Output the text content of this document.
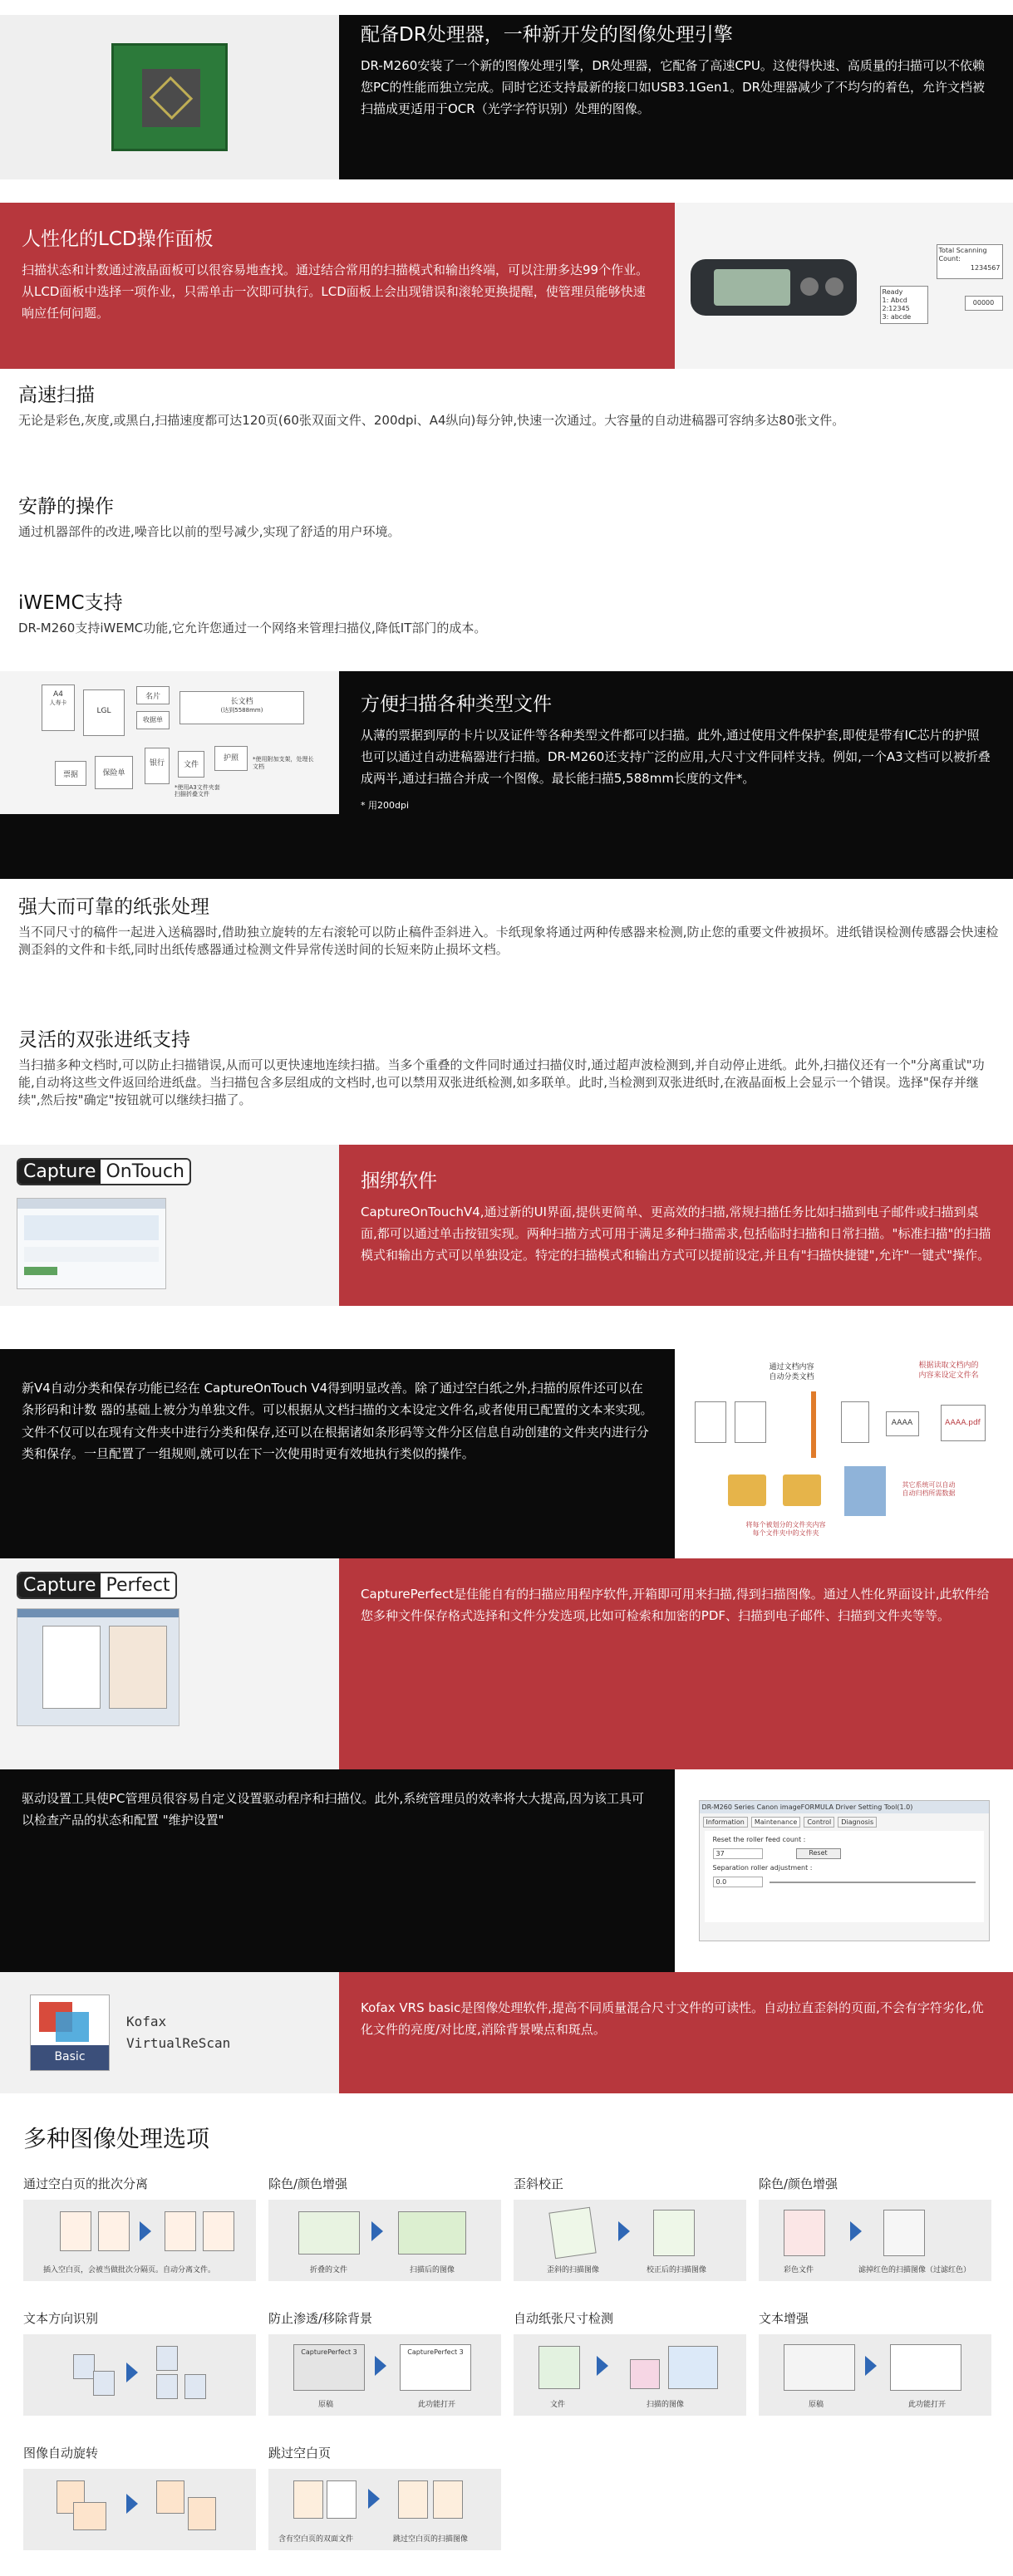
配备DR处理器，一种新开发的图像处理引擎

DR-M260安装了一个新的图像处理引擎，DR处理器，它配备了高速CPU。这使得快速、高质量的扫描可以不依赖您PC的性能而独立完成。同时它还支持最新的接口如USB3.1Gen1。DR处理器减少了不均匀的着色，允许文档被扫描成更适用于OCR（光学字符识别）处理的图像。

人性化的LCD操作面板

扫描状态和计数通过液晶面板可以很容易地查找。通过结合常用的扫描模式和输出终端，可以注册多达99个作业。从LCD面板中选择一项作业，只需单击一次即可执行。LCD面板上会出现错误和滚轮更换提醒，使管理员能够快速响应任何问题。

Ready
1: Abcd
2:12345
3: abcde
Total Scanning
Count:
1234567
00000
高速扫描

无论是彩色,灰度,或黑白,扫描速度都可达120页(60张双面文件、200dpi、A4纵向)每分钟,快速一次通过。大容量的自动进稿器可容纳多达80张文件。

安静的操作

通过机器部件的改进,噪音比以前的型号减少,实现了舒适的用户环境。

iWEMC支持

DR-M260支持iWEMC功能,它允许您通过一个网络来管理扫描仪,降低IT部门的成本。

A4
人寿卡
LGL
名片
收据单
长文档
(达到5588mm)
票据	保险单
银行	文件
护照	*使用附加支架，处理长文档
*使用A3文件夹套
扫描折叠文件
方便扫描各种类型文件

从薄的票据到厚的卡片以及证件等各种类型文件都可以扫描。此外,通过使用文件保护套,即使是带有IC芯片的护照也可以通过自动进稿器进行扫描。DR-M260还支持广泛的应用,大尺寸文件同样支持。例如,一个A3文档可以被折叠成两半,通过扫描合并成一个图像。最长能扫描5,588mm长度的文件*。

* 用200dpi
强大而可靠的纸张处理

当不同尺寸的稿件一起进入送稿器时,借助独立旋转的左右滚轮可以防止稿件歪斜进入。卡纸现象将通过两种传感器来检测,防止您的重要文件被损坏。进纸错误检测传感器会快速检测歪斜的文件和卡纸,同时出纸传感器通过检测文件异常传送时间的长短来防止损坏文档。

灵活的双张进纸支持

当扫描多种文档时,可以防止扫描错误,从而可以更快速地连续扫描。当多个重叠的文件同时通过扫描仪时,通过超声波检测到,并自动停止进纸。此外,扫描仪还有一个"分离重试"功能,自动将这些文件返回给进纸盘。当扫描包含多层组成的文档时,也可以禁用双张进纸检测,如多联单。此时,当检测到双张进纸时,在液晶面板上会显示一个错误。选择"保存并继续",然后按"确定"按钮就可以继续扫描了。

Capture OnTouch	捆绑软件

CaptureOnTouchV4,通过新的UI界面,提供更简单、更高效的扫描,常规扫描任务比如扫描到电子邮件或扫描到桌面,都可以通过单击按钮实现。两种扫描方式可用于满足多种扫描需求,包括临时扫描和日常扫描。"标准扫描"的扫描模式和输出方式可以单独设定。特定的扫描模式和输出方式可以提前设定,并且有"扫描快捷键",允许"一键式"操作。

新V4自动分类和保存功能已经在 CaptureOnTouch V4得到明显改善。除了通过空白纸之外,扫描的原件还可以在条形码和计数 器的基础上被分为单独文件。可以根据从文档扫描的文本设定文件名,或者使用已配置的文本来实现。文件不仅可以在现有文件夹中进行分类和保存,还可以在根据诸如条形码等文件分区信息自动创建的文件夹内进行分类和保存。一旦配置了一组规则,就可以在下一次使用时更有效地执行类似的操作。

通过文档内容
自动分类文档
根据读取文档内的
内容来设定文件名
AAAA	AAAA.pdf
将每个被划分的文件夹内容
每个文件夹中的文件夹
其它系统可以自动
自动归档所需数据
Capture Perfect	CapturePerfect是佳能自有的扫描应用程序软件,开箱即可用来扫描,得到扫描图像。通过人性化界面设计,此软件给您多种文件保存格式选择和文件分发选项,比如可检索和加密的PDF、扫描到电子邮件、扫描到文件夹等等。

驱动设置工具使PC管理员很容易自定义设置驱动程序和扫描仪。此外,系统管理员的效率将大大提高,因为该工具可以检查产品的状态和配置 "维护设置"

DR-M260 Series Canon imageFORMULA Driver Setting Tool(1.0)
Information	Maintenance	Control	Diagnosis
Reset the roller feed count :
37	Reset
Separation roller adjustment :
0.0
Basic
Kofax
VirtualReScan

Kofax VRS basic是图像处理软件,提高不同质量混合尺寸文件的可读性。自动拉直歪斜的页面,不会有字符劣化,优化文件的亮度/对比度,消除背景噪点和斑点。

多种图像处理选项
通过空白页的批次分离
插入空白页，会被当做批次分隔页。自动分离文件。
除色/颜色增强
折叠的文件	扫描后的图像
歪斜校正
歪斜的扫描图像	校正后的扫描图像
除色/颜色增强
彩色文件	滤掉红色的扫描图像（过滤红色）
文本方向识别	防止渗透/移除背景
CapturePerfect 3	CapturePerfect 3
原稿	此功能打开
自动纸张尺寸检测
文件	扫描的图像
文本增强
原稿	此功能打开
图像自动旋转	跳过空白页
含有空白页的双面文件	跳过空白页的扫描图像
